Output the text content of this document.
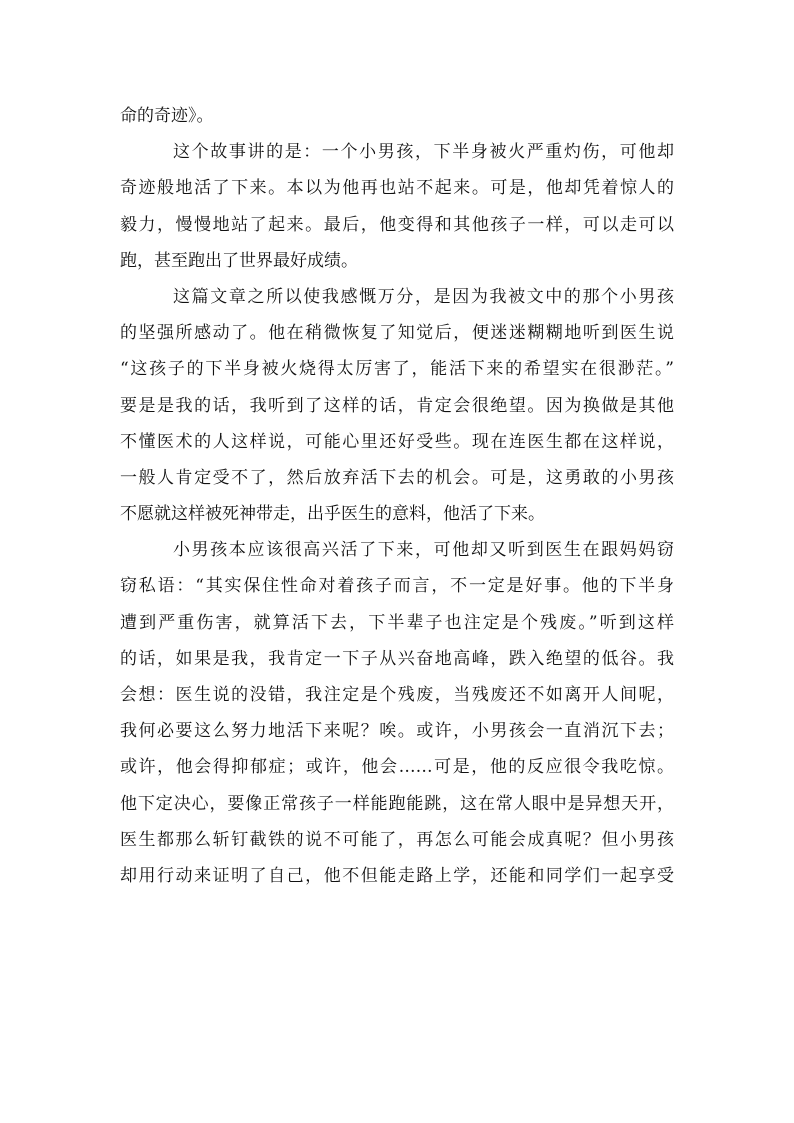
命的奇迹》。
这个故事讲的是：一个小男孩，下半身被火严重灼伤，可他却
奇迹般地活了下来。本以为他再也站不起来。可是，他却凭着惊人的
毅力，慢慢地站了起来。最后，他变得和其他孩子一样，可以走可以
跑，甚至跑出了世界最好成绩。
这篇文章之所以使我感慨万分，是因为我被文中的那个小男孩
的坚强所感动了。他在稍微恢复了知觉后，便迷迷糊糊地听到医生说
“这孩子的下半身被火烧得太厉害了，能活下来的希望实在很渺茫。”
要是是我的话，我听到了这样的话，肯定会很绝望。因为换做是其他
不懂医术的人这样说，可能心里还好受些。现在连医生都在这样说，
一般人肯定受不了，然后放弃活下去的机会。可是，这勇敢的小男孩
不愿就这样被死神带走，出乎医生的意料，他活了下来。
小男孩本应该很高兴活了下来，可他却又听到医生在跟妈妈窃
窃私语：“其实保住性命对着孩子而言，不一定是好事。他的下半身
遭到严重伤害，就算活下去，下半辈子也注定是个残废。”听到这样
的话，如果是我，我肯定一下子从兴奋地高峰，跌入绝望的低谷。我
会想：医生说的没错，我注定是个残废，当残废还不如离开人间呢，
我何必要这么努力地活下来呢？唉。或许，小男孩会一直消沉下去；
或许，他会得抑郁症；或许，他会……可是，他的反应很令我吃惊。
他下定决心，要像正常孩子一样能跑能跳，这在常人眼中是异想天开，
医生都那么斩钉截铁的说不可能了，再怎么可能会成真呢？但小男孩
却用行动来证明了自己，他不但能走路上学，还能和同学们一起享受
